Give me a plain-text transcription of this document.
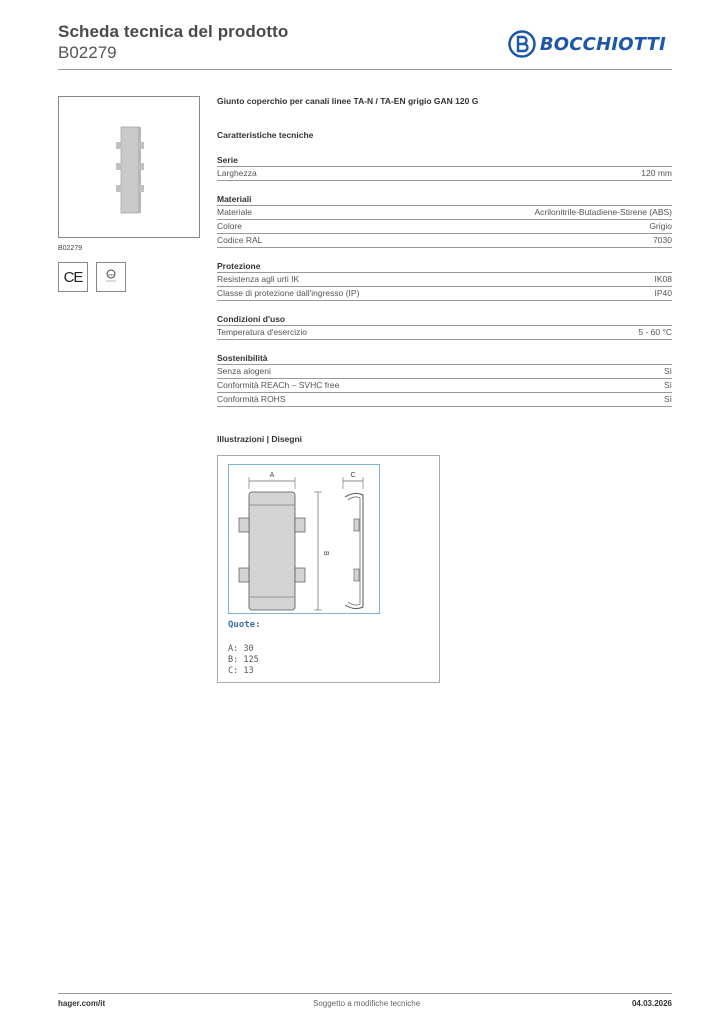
Scheda tecnica del prodotto
B02279	BOCCHIOTTI
B02279
CE	IMQ
Giunto coperchio per canali linee TA-N / TA-EN grigio GAN 120 G
Caratteristiche tecniche
Serie
Larghezza	120 mm
Materiali
Materiale	Acrilonitrile-Butadiene-Stirene (ABS)
Colore	Grigio
Codice RAL	7030
Protezione
Resistenza agli urti IK	IK08
Classe di protezione dall'ingresso (IP)	IP40
Condizioni d'uso
Temperatura d'esercizio	5 - 60 °C
Sostenibilità
Senza alogeni	Sì
Conformità REACh – SVHC free	Sì
Conformità ROHS	Sì
Illustrazioni | Disegni
A
B
C
Quote:
A: 30
B: 125
C: 13
hager.com/it	Soggetto a modifiche tecniche	04.03.2026
